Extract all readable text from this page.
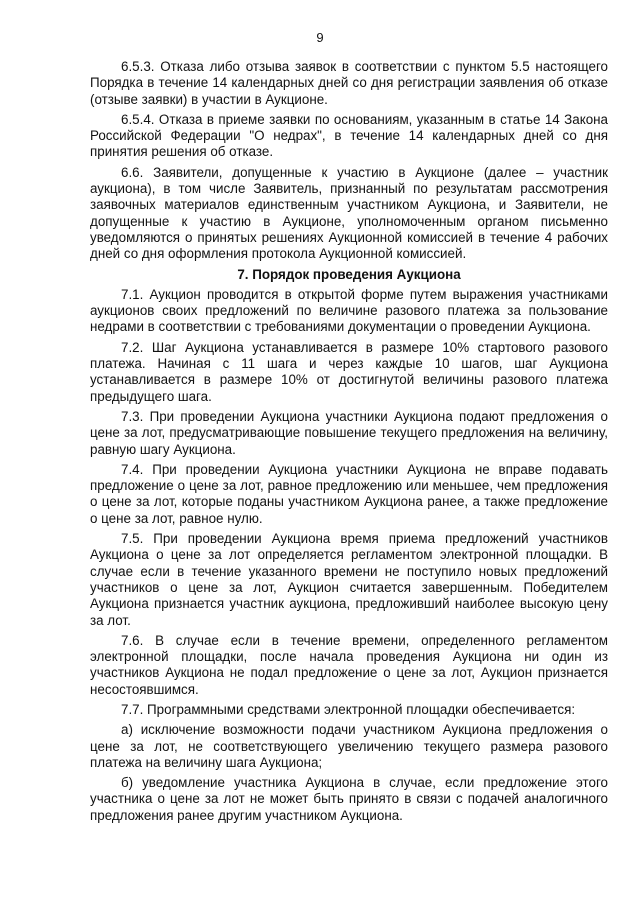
9

6.5.3. Отказа либо отзыва заявок в соответствии с пунктом 5.5 настоящего Порядка в течение 14 календарных дней со дня регистрации заявления об отказе (отзыве заявки) в участии в Аукционе.

6.5.4. Отказа в приеме заявки по основаниям, указанным в статье 14 Закона Российской Федерации "О недрах", в течение 14 календарных дней со дня принятия решения об отказе.

6.6. Заявители, допущенные к участию в Аукционе (далее – участник аукциона), в том числе Заявитель, признанный по результатам рассмотрения заявочных материалов единственным участником Аукциона, и Заявители, не допущенные к участию в Аукционе, уполномоченным органом письменно уведомляются о принятых решениях Аукционной комиссией в течение 4 рабочих дней со дня оформления протокола Аукционной комиссией.

7. Порядок проведения Аукциона

7.1. Аукцион проводится в открытой форме путем выражения участниками аукционов своих предложений по величине разового платежа за пользование недрами в соответствии с требованиями документации о проведении Аукциона.

7.2. Шаг Аукциона устанавливается в размере 10% стартового разового платежа. Начиная с 11 шага и через каждые 10 шагов, шаг Аукциона устанавливается в размере 10% от достигнутой величины разового платежа предыдущего шага.

7.3. При проведении Аукциона участники Аукциона подают предложения о цене за лот, предусматривающие повышение текущего предложения на величину, равную шагу Аукциона.

7.4. При проведении Аукциона участники Аукциона не вправе подавать предложение о цене за лот, равное предложению или меньшее, чем предложения о цене за лот, которые поданы участником Аукциона ранее, а также предложение о цене за лот, равное нулю.

7.5. При проведении Аукциона время приема предложений участников Аукциона о цене за лот определяется регламентом электронной площадки. В случае если в течение указанного времени не поступило новых предложений участников о цене за лот, Аукцион считается завершенным. Победителем Аукциона признается участник аукциона, предложивший наиболее высокую цену за лот.

7.6. В случае если в течение времени, определенного регламентом электронной площадки, после начала проведения Аукциона ни один из участников Аукциона не подал предложение о цене за лот, Аукцион признается несостоявшимся.

7.7. Программными средствами электронной площадки обеспечивается:

а) исключение возможности подачи участником Аукциона предложения о цене за лот, не соответствующего увеличению текущего размера разового платежа на величину шага Аукциона;

б) уведомление участника Аукциона в случае, если предложение этого участника о цене за лот не может быть принято в связи с подачей аналогичного предложения ранее другим участником Аукциона.
